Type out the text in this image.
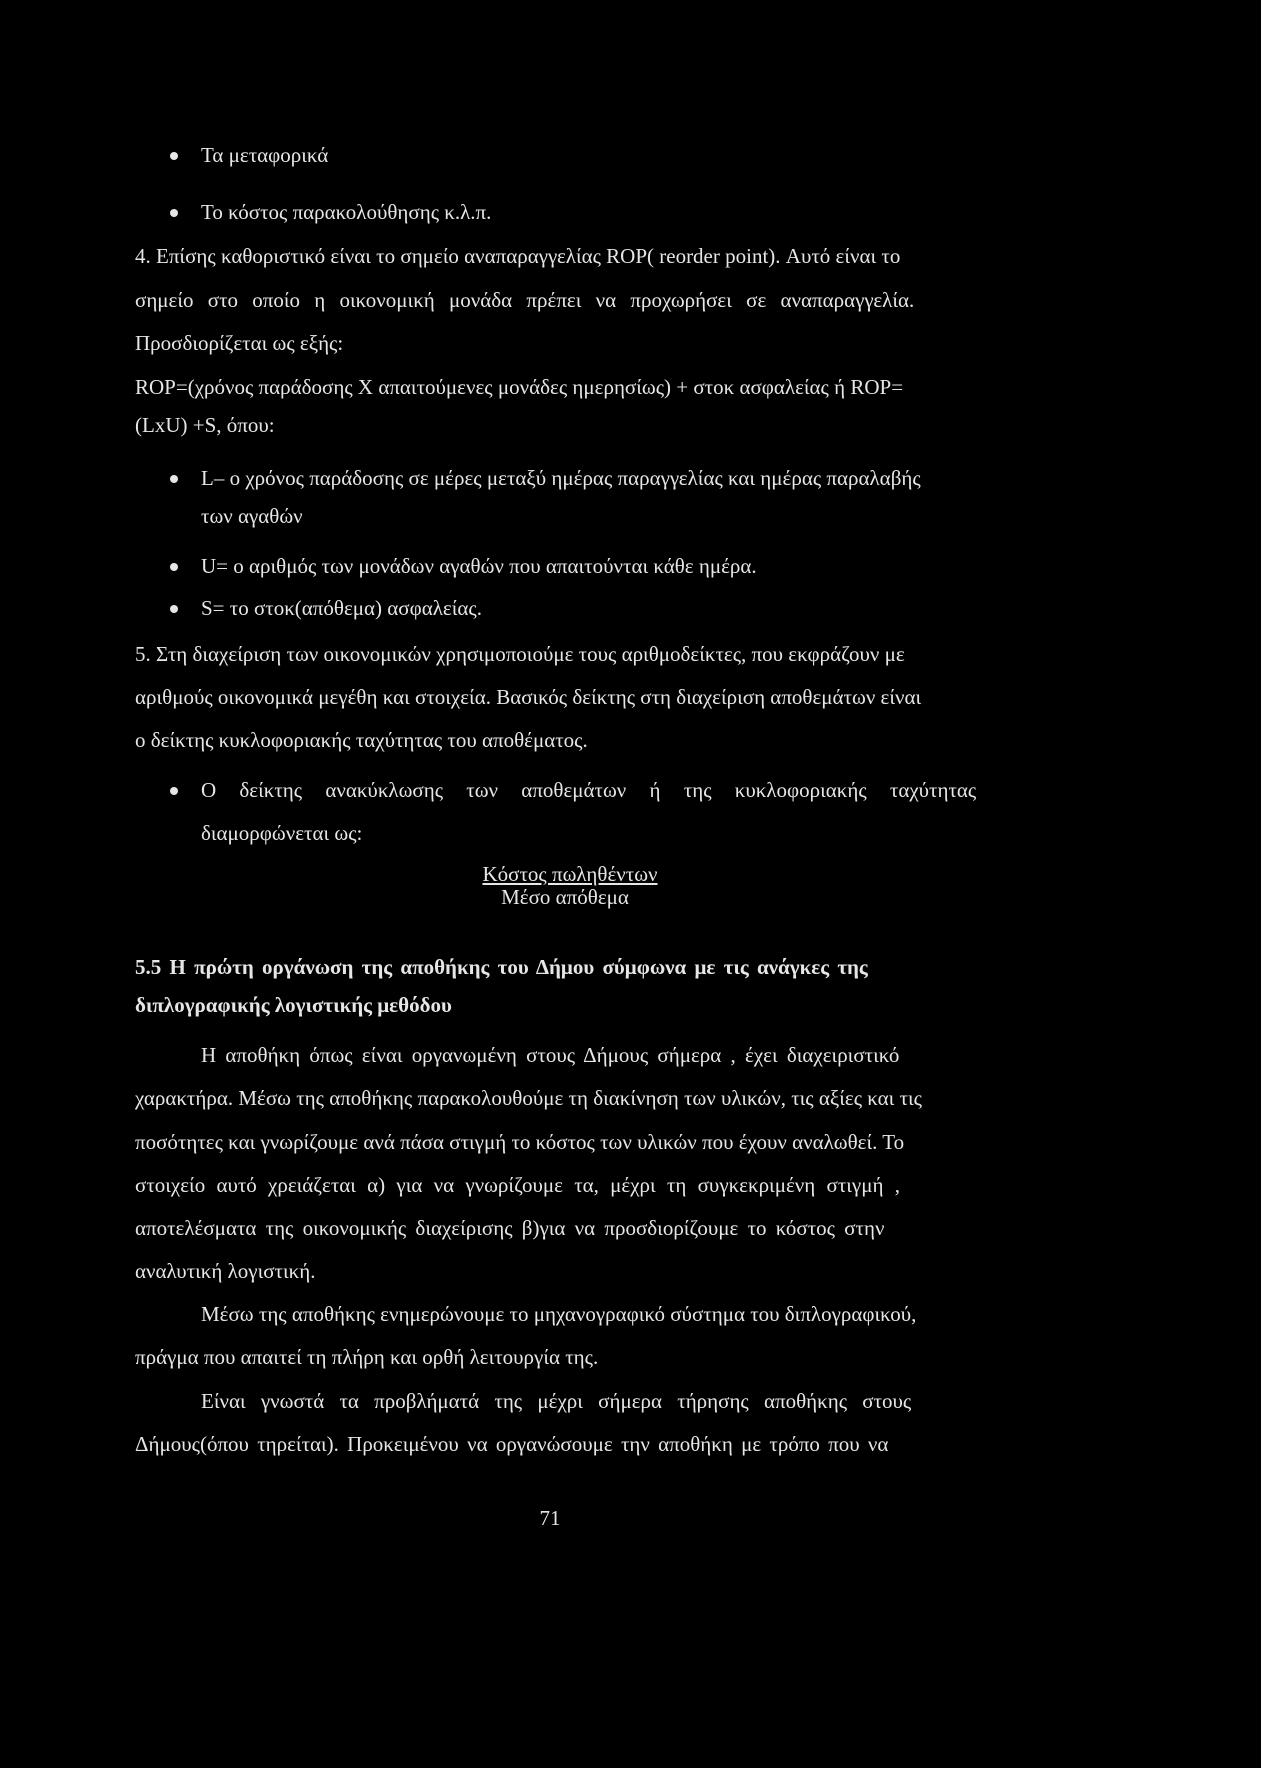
Τα μεταφορικά
Το κόστος παρακολούθησης κ.λ.π.
4. Επίσης καθοριστικό είναι το σημείο αναπαραγγελίας ROP( reorder point). Αυτό είναι το
σημείο στο οποίο η οικονομική μονάδα πρέπει να προχωρήσει σε αναπαραγγελία.
Προσδιορίζεται ως εξής:
ROP=(χρόνος παράδοσης Χ απαιτούμενες μονάδες ημερησίως) + στοκ ασφαλείας ή ROP=
(LxU) +S, όπου:
L– ο χρόνος παράδοσης σε μέρες μεταξύ ημέρας παραγγελίας και ημέρας παραλαβής
των αγαθών
U= ο αριθμός των μονάδων αγαθών που απαιτούνται κάθε ημέρα.
S= το στοκ(απόθεμα) ασφαλείας.
5. Στη διαχείριση των οικονομικών χρησιμοποιούμε τους αριθμοδείκτες, που εκφράζουν με
αριθμούς οικονομικά μεγέθη και στοιχεία. Βασικός δείκτης στη διαχείριση αποθεμάτων είναι
ο δείκτης κυκλοφοριακής ταχύτητας του αποθέματος.
Ο δείκτης ανακύκλωσης των αποθεμάτων ή της κυκλοφοριακής ταχύτητας
διαμορφώνεται ως:
Κόστος πωληθέντων
Μέσο απόθεμα
5.5 Η πρώτη οργάνωση της αποθήκης του Δήμου σύμφωνα με τις ανάγκες της
διπλογραφικής λογιστικής μεθόδου
Η αποθήκη όπως είναι οργανωμένη στους Δήμους σήμερα , έχει διαχειριστικό
χαρακτήρα. Μέσω της αποθήκης παρακολουθούμε τη διακίνηση των υλικών, τις αξίες και τις
ποσότητες και γνωρίζουμε ανά πάσα στιγμή το κόστος των υλικών που έχουν αναλωθεί. Το
στοιχείο αυτό χρειάζεται α) για να γνωρίζουμε τα, μέχρι τη συγκεκριμένη στιγμή ,
αποτελέσματα της οικονομικής διαχείρισης β)για να προσδιορίζουμε το κόστος στην
αναλυτική λογιστική.
Μέσω της αποθήκης ενημερώνουμε το μηχανογραφικό σύστημα του διπλογραφικού,
πράγμα που απαιτεί τη πλήρη και ορθή λειτουργία της.
Είναι γνωστά τα προβλήματά της μέχρι σήμερα τήρησης αποθήκης στους
Δήμους(όπου τηρείται). Προκειμένου να οργανώσουμε την αποθήκη με τρόπο που να
71
